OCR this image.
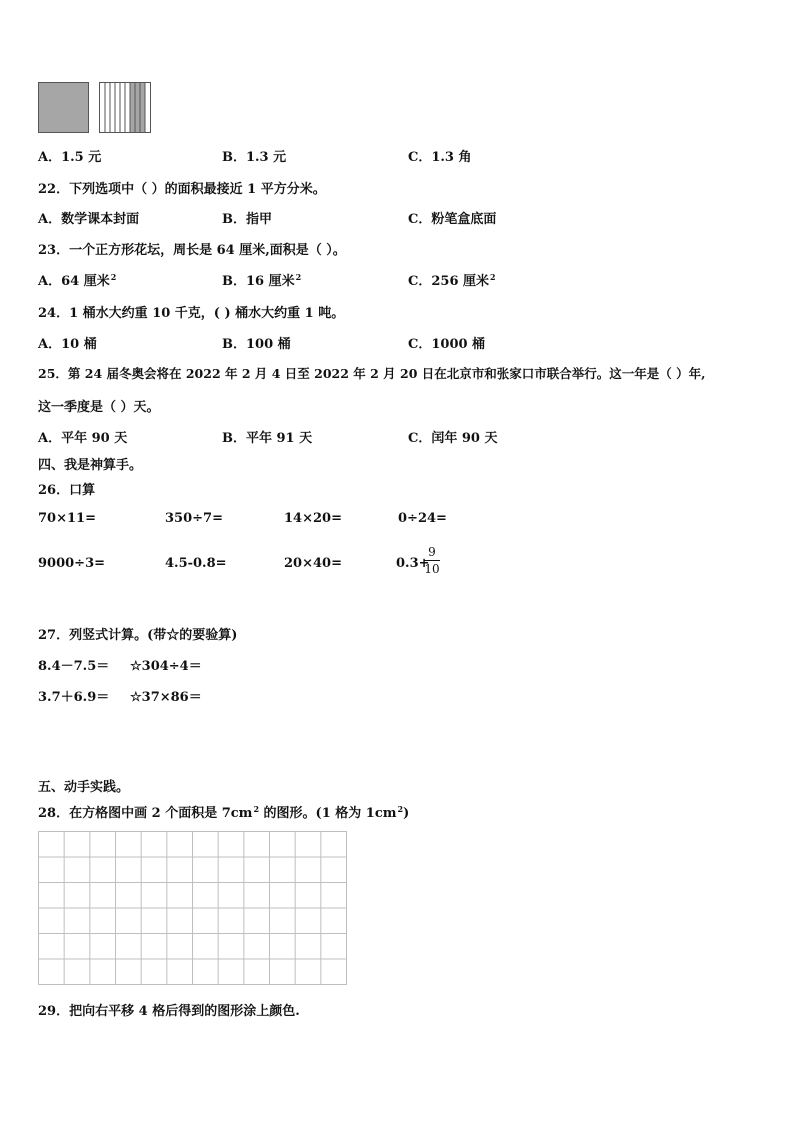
A．1.5 元	B．1.3 元	C．1.3 角
22．下列选项中（ ）的面积最接近 1 平方分米。
A．数学课本封面	B．指甲	C．粉笔盒底面
23．一个正方形花坛，周长是 64 厘米,面积是（ ）。
A．64 厘米$^2$	B．16 厘米$^2$	C．256 厘米$^2$
24．1 桶水大约重 10 千克，( ) 桶水大约重 1 吨。
A．10 桶	B．100 桶	C．1000 桶
25．第 24 届冬奥会将在 2022 年 2 月 4 日至 2022 年 2 月 20 日在北京市和张家口市联合举行。这一年是（ ）年,
这一季度是（ ）天。
A．平年 90 天	B．平年 91 天	C．闰年 90 天
四、我是神算手。
26．口算
70×11=	350÷7=	14×20=	0÷24=
9000÷3=	4.5-0.8=	20×40=	0.3+
9
10
27．列竖式计算。(带☆的要验算)
8.4－7.5＝ ☆304÷4＝
3.7＋6.9＝ ☆37×86＝
五、动手实践。
28．在方格图中画 2 个面积是 $7cm^2$ 的图形。(1 格为 $1cm^2$)
29．把向右平移 4 格后得到的图形涂上颜色.
